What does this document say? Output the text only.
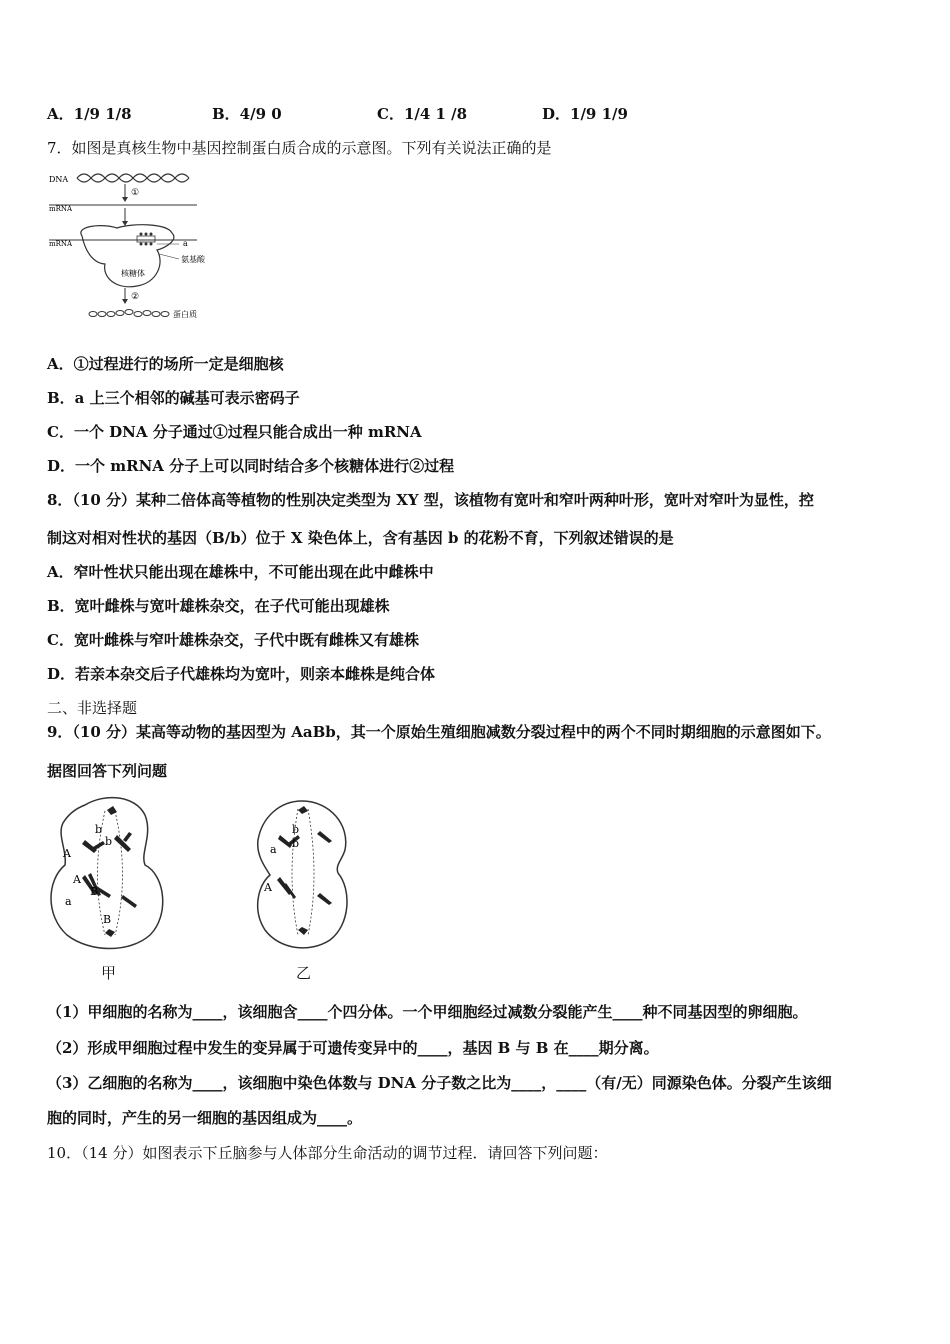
A．1/9 1/8	B．4/9 0	C．1/4 1 /8	D．1/9 1/9
7．如图是真核生物中基因控制蛋白质合成的示意图。下列有关说法正确的是
DNA
①
mRNA
mRNA	a
氨基酸
核糖体
②
蛋白质
A．①过程进行的场所一定是细胞核
B．a 上三个相邻的碱基可表示密码子
C．一个 DNA 分子通过①过程只能合成出一种 mRNA
D．一个 mRNA 分子上可以同时结合多个核糖体进行②过程
8．（10 分）某种二倍体高等植物的性别决定类型为 XY 型，该植物有宽叶和窄叶两种叶形，宽叶对窄叶为显性，控
制这对相对性状的基因（B/b）位于 X 染色体上，含有基因 b 的花粉不育，下列叙述错误的是
A．窄叶性状只能出现在雄株中，不可能出现在此中雌株中
B．宽叶雌株与宽叶雄株杂交，在子代可能出现雄株
C．宽叶雌株与窄叶雄株杂交，子代中既有雌株又有雄株
D．若亲本杂交后子代雄株均为宽叶，则亲本雌株是纯合体
二、非选择题
9．（10 分）某高等动物的基因型为 AaBb，其一个原始生殖细胞减数分裂过程中的两个不同时期细胞的示意图如下。
据图回答下列问题
A
b
b
A
a
B
B
甲
a
b
b
A
乙
（1）甲细胞的名称为____，该细胞含____个四分体。一个甲细胞经过减数分裂能产生____种不同基因型的卵细胞。
（2）形成甲细胞过程中发生的变异属于可遗传变异中的____，基因 B 与 B 在____期分离。
（3）乙细胞的名称为____，该细胞中染色体数与 DNA 分子数之比为____，____（有/无）同源染色体。分裂产生该细
胞的同时，产生的另一细胞的基因组成为____。
10．（14 分）如图表示下丘脑参与人体部分生命活动的调节过程．请回答下列问题：
